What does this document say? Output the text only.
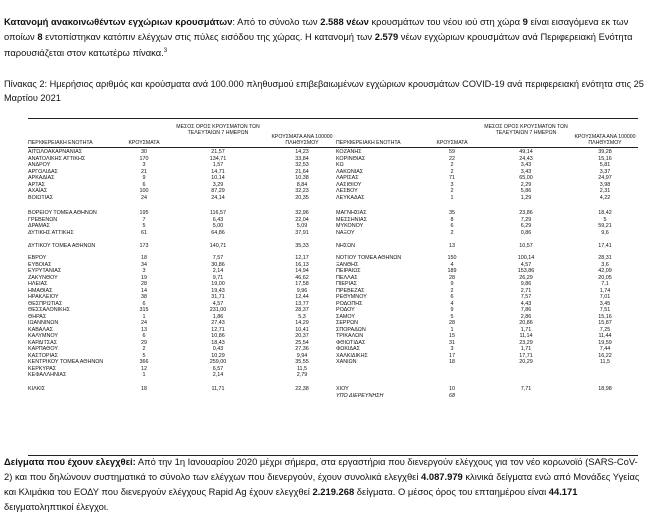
Κατανομή ανακοινωθέντων εγχώριων κρουσμάτων: Από το σύνολο των 2.588 νέων κρουσμάτων του νέου ιού στη χώρα 9 είναι εισαγόμενα εκ των οποίων 8 εντοπίστηκαν κατόπιν ελέγχων στις πύλες εισόδου της χώρας. Η κατανομή των 2.579 νέων εγχώριων κρουσμάτων ανά Περιφερειακή Ενότητα παρουσιάζεται στον κατωτέρω πίνακα.$^3$
Πίνακας 2: Ημερήσιος αριθμός και κρούσματα ανά 100.000 πληθυσμού επιβεβαιωμένων εγχώριων κρουσμάτων COVID-19 ανά περιφερειακή ενότητα στις 25 Μαρτίου 2021
ΠΕΡΙΦΕΡΕΙΑΚΗ ΕΝΟΤΗΤΑ	ΚΡΟΥΣΜΑΤΑ
ΜΕΣΟΣ ΟΡΟΣ ΚΡΟΥΣΜΑΤΩΝ ΤΩΝ ΤΕΛΕΥΤΑΙΩΝ 7 ΗΜΕΡΩΝ
ΚΡΟΥΣΜΑΤΑ ΑΝΑ 100000 ΠΛΗΘΥΣΜΟΥ	ΠΕΡΙΦΕΡΕΙΑΚΗ ΕΝΟΤΗΤΑ	ΚΡΟΥΣΜΑΤΑ
ΜΕΣΟΣ ΟΡΟΣ ΚΡΟΥΣΜΑΤΩΝ ΤΩΝ ΤΕΛΕΥΤΑΙΩΝ 7 ΗΜΕΡΩΝ
ΚΡΟΥΣΜΑΤΑ ΑΝΑ 100000 ΠΛΗΘΥΣΜΟΥ
ΑΙΤΩΛΟΑΚΑΡΝΑΝΙΑΣ	30	21,57	14,23
ΑΝΑΤΟΛΙΚΗΣ ΑΤΤΙΚΗΣ	170	134,71	33,84
ΑΝΔΡΟΥ	3	1,57	32,53
ΑΡΓΟΛΙΔΑΣ	21	14,71	21,64
ΑΡΚΑΔΙΑΣ	9	10,14	10,38
ΑΡΤΑΣ	6	3,29	8,84
ΑΧΑΪΑΣ	100	87,29	32,23
ΒΟΙΩΤΙΑΣ	24	24,14	20,35
ΒΟΡΕΙΟΥ ΤΟΜΕΑ ΑΘΗΝΩΝ	195	116,57	32,96
ΓΡΕΒΕΝΩΝ	7	6,43	22,04
ΔΡΑΜΑΣ	5	5,00	5,09
ΔΥΤΙΚΗΣ ΑΤΤΙΚΗΣ	61	64,86	37,91
ΔΥΤΙΚΟΥ ΤΟΜΕΑ ΑΘΗΝΩΝ	173	140,71	35,33
ΕΒΡΟΥ	18	7,57	12,17
ΕΥΒΟΙΑΣ	34	30,86	16,13
ΕΥΡΥΤΑΝΙΑΣ	3	2,14	14,94
ΖΑΚΥΝΘΟΥ	19	9,71	46,62
ΗΛΕΙΑΣ	28	19,00	17,58
ΗΜΑΘΙΑΣ	14	19,43	9,96
ΗΡΑΚΛΕΙΟΥ	38	31,71	12,44
ΘΕΣΠΡΩΤΙΑΣ	6	4,57	13,77
ΘΕΣΣΑΛΟΝΙΚΗΣ	315	231,00	28,37
ΘΗΡΑΣ	1	1,86	5,3
ΙΩΑΝΝΙΝΩΝ	24	27,43	14,29
ΚΑΒΑΛΑΣ	13	12,71	10,41
ΚΑΛΥΜΝΟΥ	6	10,86	20,37
ΚΑΡΔΙΤΣΑΣ	29	18,43	25,54
ΚΑΡΠΑΘΟΥ	2	0,43	27,36
ΚΑΣΤΟΡΙΑΣ	5	10,29	9,94
ΚΕΝΤΡΙΚΟΥ ΤΟΜΕΑ ΑΘΗΝΩΝ	366	259,00	35,55
ΚΕΡΚΥΡΑΣ	12	6,57	11,5
ΚΕΦΑΛΛΗΝΙΑΣ	1	2,14	2,79
ΚΙΛΚΙΣ	18	11,71	22,38
ΚΟΖΑΝΗΣ	59	49,14	39,28
ΚΟΡΙΝΘΙΑΣ	22	24,43	15,16
ΚΩ	2	3,43	5,81
ΛΑΚΩΝΙΑΣ	2	3,43	3,37
ΛΑΡΙΣΑΣ	71	65,00	24,97
ΛΑΣΙΘΙΟΥ	3	2,29	3,98
ΛΕΣΒΟΥ	2	5,86	2,31
ΛΕΥΚΑΔΑΣ	1	1,29	4,22
ΜΑΓΝΗΣΙΑΣ	35	23,86	18,42
ΜΕΣΣΗΝΙΑΣ	8	7,29	5
ΜΥΚΟΝΟΥ	6	6,29	59,21
ΝΑΞΟΥ	2	0,86	9,6
ΝΗΣΩΝ	13	10,57	17,41
ΝΟΤΙΟΥ ΤΟΜΕΑ ΑΘΗΝΩΝ	150	100,14	28,31
ΞΑΝΘΗΣ	4	4,57	3,6
ΠΕΙΡΑΙΩΣ	189	153,86	42,09
ΠΕΛΛΑΣ	28	26,29	20,05
ΠΙΕΡΙΑΣ	9	9,86	7,1
ΠΡΕΒΕΖΑΣ	2	2,71	1,74
ΡΕΘΥΜΝΟΥ	6	7,57	7,01
ΡΟΔΟΠΗΣ	4	4,43	3,45
ΡΟΔΟΥ	9	7,86	7,51
ΣΑΜΟΥ	5	2,86	15,16
ΣΕΡΡΩΝ	28	20,86	15,87
ΣΠΟΡΑΔΩΝ	1	1,71	7,25
ΤΡΙΚΑΛΩΝ	15	11,14	11,44
ΦΘΙΩΤΙΔΑΣ	31	23,29	19,59
ΦΩΚΙΔΑΣ	3	1,71	7,44
ΧΑΛΚΙΔΙΚΗΣ	17	17,71	16,22
ΧΑΝΙΩΝ	18	20,29	11,5
ΧΙΟΥ	10	7,71	18,98
ΥΠΟ ΔΙΕΡΕΥΝΗΣΗ	68
Δείγματα που έχουν ελεγχθεί: Από την 1η Ιανουαρίου 2020 μέχρι σήμερα, στα εργαστήρια που διενεργούν ελέγχους για τον νέο κορωνοϊό (SARS-CoV-2) και που δηλώνουν συστηματικά το σύνολο των ελέγχων που διενεργούν, έχουν συνολικά ελεγχθεί 4.087.979 κλινικά δείγματα ενώ από Μονάδες Υγείας και Κλιμάκια του ΕΟΔΥ που διενεργούν ελέγχους Rapid Ag έχουν ελεγχθεί 2.219.268 δείγματα. Ο μέσος όρος του επταημέρου είναι 44.171 δειγματοληπτικοί έλεγχοι.
